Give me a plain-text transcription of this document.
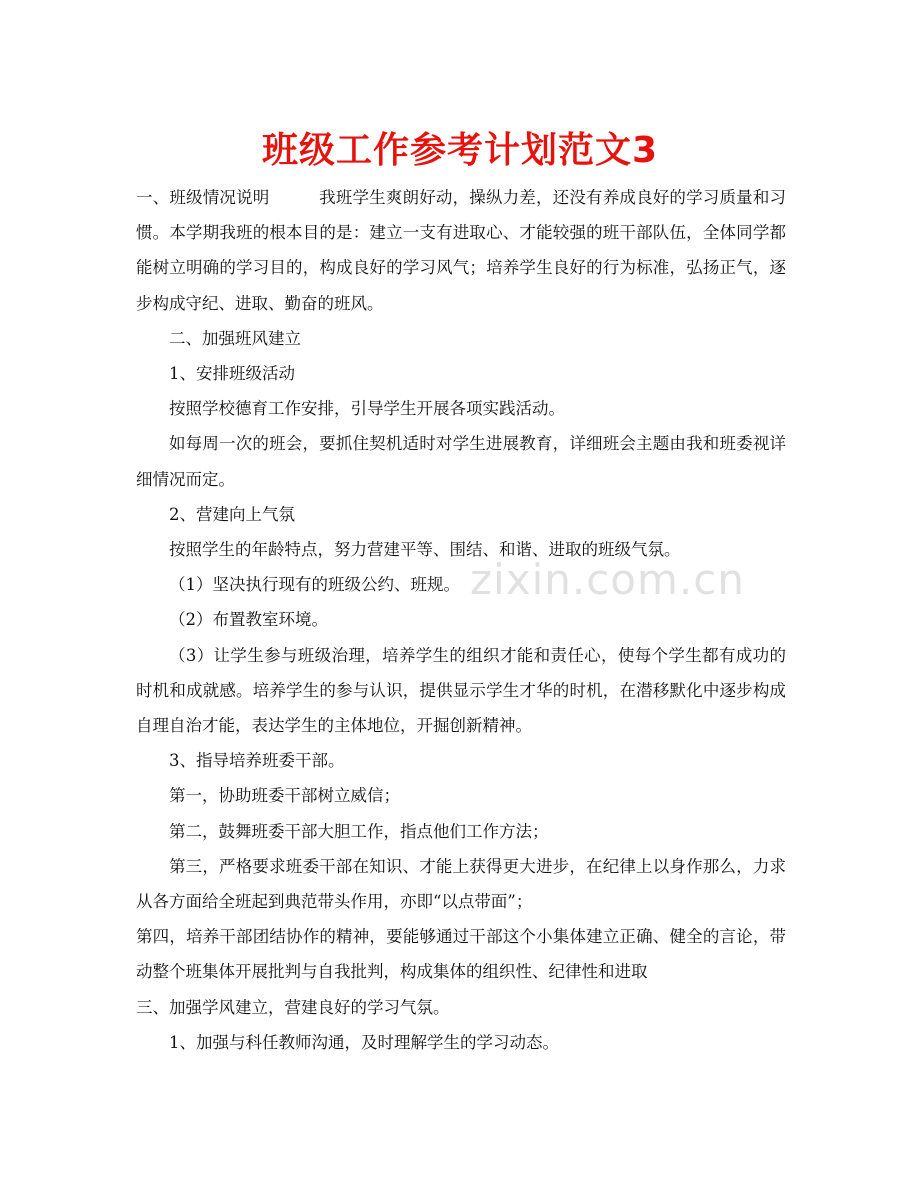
班级工作参考计划范文3
zixin.com.cn

一、班级情况说明	我班学生爽朗好动，操纵力差，还没有养成良好的学习质量和习惯。本学期我班的根本目的是：建立一支有进取心、才能较强的班干部队伍，全体同学都能树立明确的学习目的，构成良好的学习风气；培养学生良好的行为标准，弘扬正气，逐步构成守纪、进取、勤奋的班风。

二、加强班风建立

1、安排班级活动

按照学校德育工作安排，引导学生开展各项实践活动。

如每周一次的班会，要抓住契机适时对学生进展教育，详细班会主题由我和班委视详细情况而定。

2、营建向上气氛

按照学生的年龄特点，努力营建平等、围结、和谐、进取的班级气氛。

（1）坚决执行现有的班级公约、班规。

（2）布置教室环境。

（3）让学生参与班级治理，培养学生的组织才能和责任心，使每个学生都有成功的时机和成就感。培养学生的参与认识，提供显示学生才华的时机，在潜移默化中逐步构成自理自治才能，表达学生的主体地位，开掘创新精神。

3、指导培养班委干部。

第一，协助班委干部树立威信；

第二，鼓舞班委干部大胆工作，指点他们工作方法；

第三，严格要求班委干部在知识、才能上获得更大进步，在纪律上以身作那么，力求从各方面给全班起到典范带头作用，亦即“以点带面”；

第四，培养干部团结协作的精神，要能够通过干部这个小集体建立正确、健全的言论，带动整个班集体开展批判与自我批判，构成集体的组织性、纪律性和进取

三、加强学风建立，营建良好的学习气氛。

1、加强与科任教师沟通，及时理解学生的学习动态。
